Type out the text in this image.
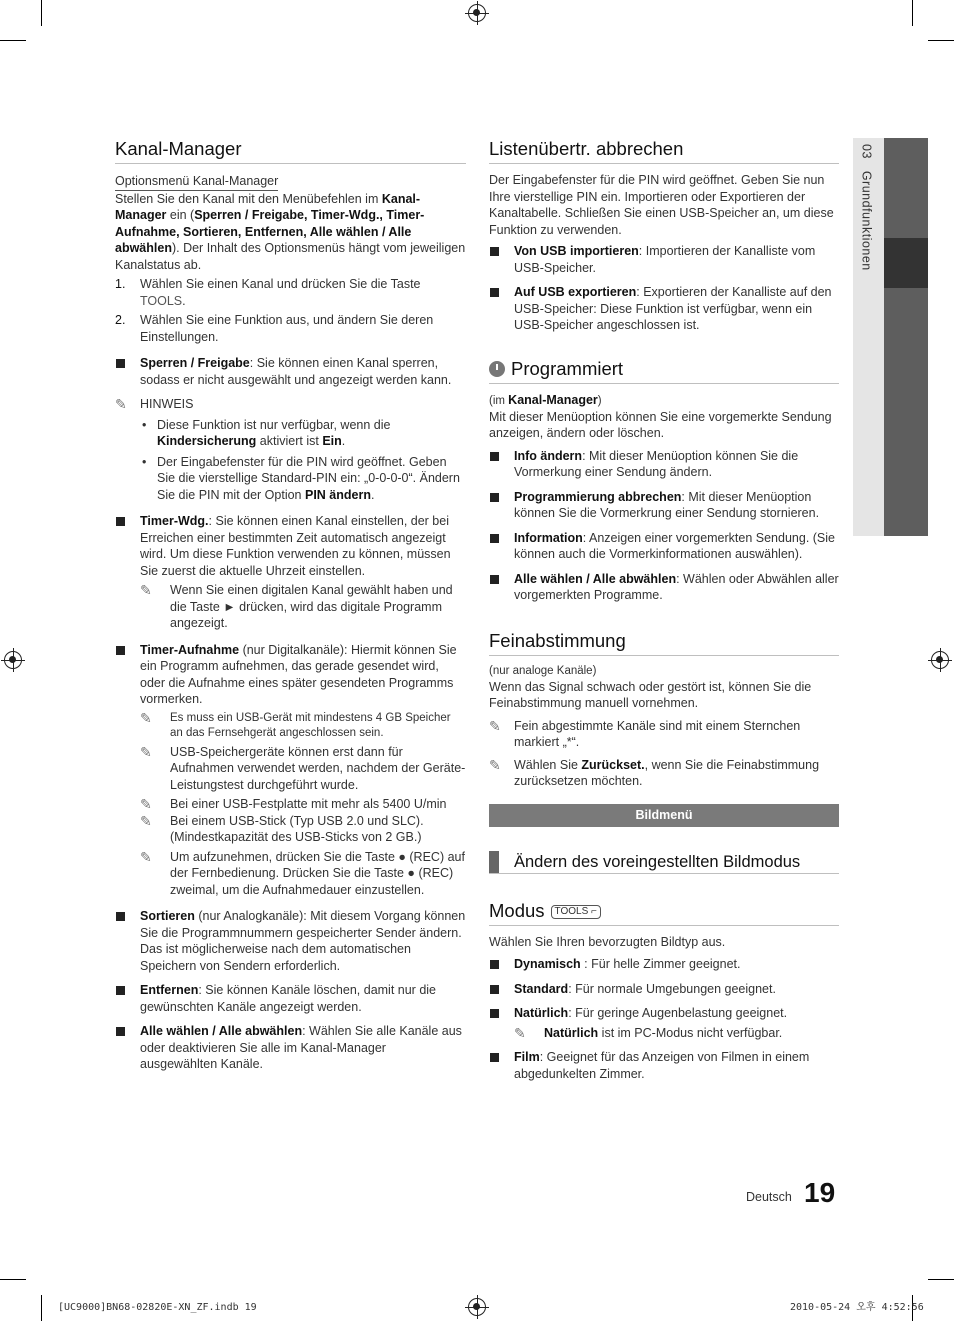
Kanal-Manager
Optionsmenü Kanal-Manager

Stellen Sie den Kanal mit den Menübefehlen im Kanal-Manager ein (Sperren / Freigabe, Timer-Wdg., Timer-Aufnahme, Sortieren, Entfernen, Alle wählen / Alle abwählen). Der Inhalt des Optionsmenüs hängt vom jeweiligen Kanalstatus ab.

1.	Wählen Sie einen Kanal und drücken Sie die Taste TOOLS.
2.	Wählen Sie eine Funktion aus, und ändern Sie deren Einstellungen.
Sperren / Freigabe: Sie können einen Kanal sperren, sodass er nicht ausgewählt und angezeigt werden kann.
✎	HINWEIS
• Diese Funktion ist nur verfügbar, wenn die Kindersicherung aktiviert ist Ein.
• Der Eingabefenster für die PIN wird geöffnet. Geben Sie die vierstellige Standard-PIN ein: „0-0-0-0“. Ändern Sie die PIN mit der Option PIN ändern.
Timer-Wdg.: Sie können einen Kanal einstellen, der bei Erreichen einer bestimmten Zeit automatisch angezeigt wird. Um diese Funktion verwenden zu können, müssen Sie zuerst die aktuelle Uhrzeit einstellen.
✎	Wenn Sie einen digitalen Kanal gewählt haben und die Taste ► drücken, wird das digitale Programm angezeigt.
Timer-Aufnahme (nur Digitalkanäle): Hiermit können Sie ein Programm aufnehmen, das gerade gesendet wird, oder die Aufnahme eines später gesendeten Programms vormerken.
✎	Es muss ein USB-Gerät mit mindestens 4 GB Speicher an das Fernsehgerät angeschlossen sein.
✎	USB-Speichergeräte können erst dann für Aufnahmen verwendet werden, nachdem der Geräte-Leistungstest durchgeführt wurde.
✎	Bei einer USB-Festplatte mit mehr als 5400 U/min
✎	Bei einem USB-Stick (Typ USB 2.0 und SLC). (Mindestkapazität des USB-Sticks von 2 GB.)
✎	Um aufzunehmen, drücken Sie die Taste ● (REC) auf der Fernbedienung. Drücken Sie die Taste ● (REC) zweimal, um die Aufnahmedauer einzustellen.
Sortieren (nur Analogkanäle): Mit diesem Vorgang können Sie die Programmnummern gespeicherter Sender ändern. Das ist möglicherweise nach dem automatischen Speichern von Sendern erforderlich.
Entfernen: Sie können Kanäle löschen, damit nur die gewünschten Kanäle angezeigt werden.
Alle wählen / Alle abwählen: Wählen Sie alle Kanäle aus oder deaktivieren Sie alle im Kanal-Manager ausgewählten Kanäle.
Listenübertr. abbrechen

Der Eingabefenster für die PIN wird geöffnet. Geben Sie nun Ihre vierstellige PIN ein. Importieren oder Exportieren der Kanaltabelle. Schließen Sie einen USB-Speicher an, um diese Funktion zu verwenden.

Von USB importieren: Importieren der Kanalliste vom USB-Speicher.
Auf USB exportieren: Exportieren der Kanalliste auf den USB-Speicher: Diese Funktion ist verfügbar, wenn ein USB-Speicher angeschlossen ist.
Programmiert

(im Kanal-Manager)

Mit dieser Menüoption können Sie eine vorgemerkte Sendung anzeigen, ändern oder löschen.

Info ändern: Mit dieser Menüoption können Sie die Vormerkung einer Sendung ändern.
Programmierung abbrechen: Mit dieser Menüoption können Sie die Vormerkrung einer Sendung stornieren.
Information: Anzeigen einer vorgemerkten Sendung. (Sie können auch die Vormerkinformationen auswählen).
Alle wählen / Alle abwählen: Wählen oder Abwählen aller vorgemerkten Programme.
Feinabstimmung

(nur analoge Kanäle)

Wenn das Signal schwach oder gestört ist, können Sie die Feinabstimmung manuell vornehmen.

✎	Fein abgestimmte Kanäle sind mit einem Sternchen markiert „*“.
✎	Wählen Sie Zurückset., wenn Sie die Feinabstimmung zurücksetzen möchten.
Bildmenü
Ändern des voreingestellten Bildmodus
Modus TOOLS ⌐

Wählen Sie Ihren bevorzugten Bildtyp aus.

Dynamisch : Für helle Zimmer geeignet.
Standard: Für normale Umgebungen geeignet.
Natürlich: Für geringe Augenbelastung geeignet.
✎	Natürlich ist im PC-Modus nicht verfügbar.
Film: Geeignet für das Anzeigen von Filmen in einem abgedunkelten Zimmer.
03   Grundfunktionen
Deutsch 19
[UC9000]BN68-02820E-XN_ZF.indb 19	2010-05-24 오후 4:52:56
